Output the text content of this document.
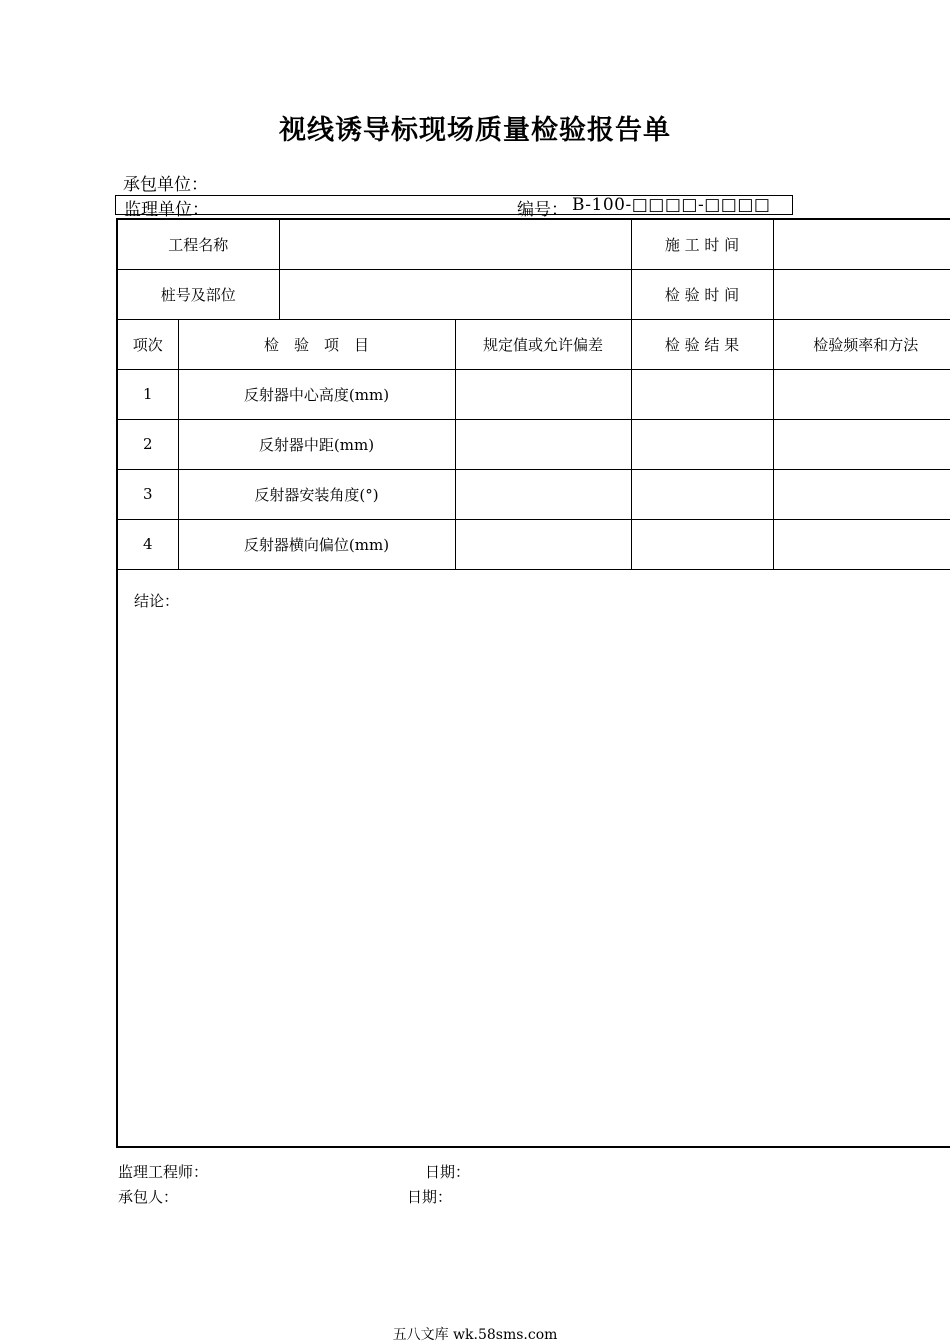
视线诱导标现场质量检验报告单
承包单位：
监理单位：	编号： B-100-□□□□-□□□□
工程名称				施 工 时 间	
桩号及部位				检 验 时 间	
项次	检　验　项　目		规定值或允许偏差	检 验 结 果	检验频率和方法
1	反射器中心高度(mm)				
2	反射器中距(mm)				
3	反射器安装角度(°)				
4	反射器横向偏位(mm)				

结论：					
监理工程师：	日期：
承包人：	日期：
五八文库 wk.58sms.com
